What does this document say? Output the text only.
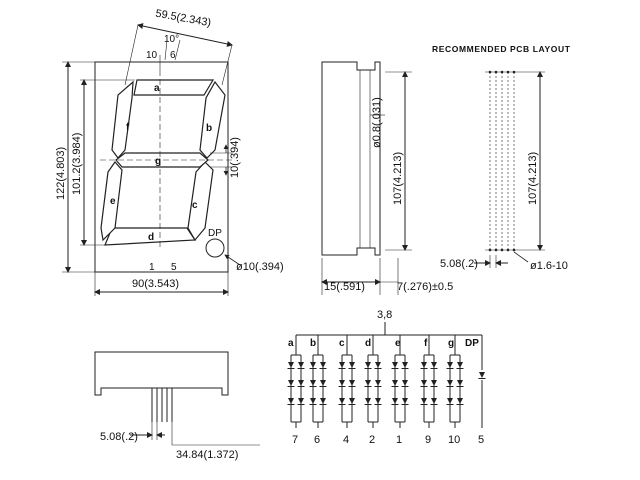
59.5(2.343)
10°
10 6
a
b
c
d
e
f
g
DP
ø10(.394)
10(.394)
122(4.803) 101.2(3.984)
1 5
90(3.543)
ø0.8(.031)
107(4.213)
15(.591)	7(.276)±0.5
RECOMMENDED PCB LAYOUT
107(4.213)
5.08(.2)	ø1.6-10
5.08(.2)
34.84(1.372)
3,8
a b c d e f g DP
7 6 4 2 1 9 10 5
